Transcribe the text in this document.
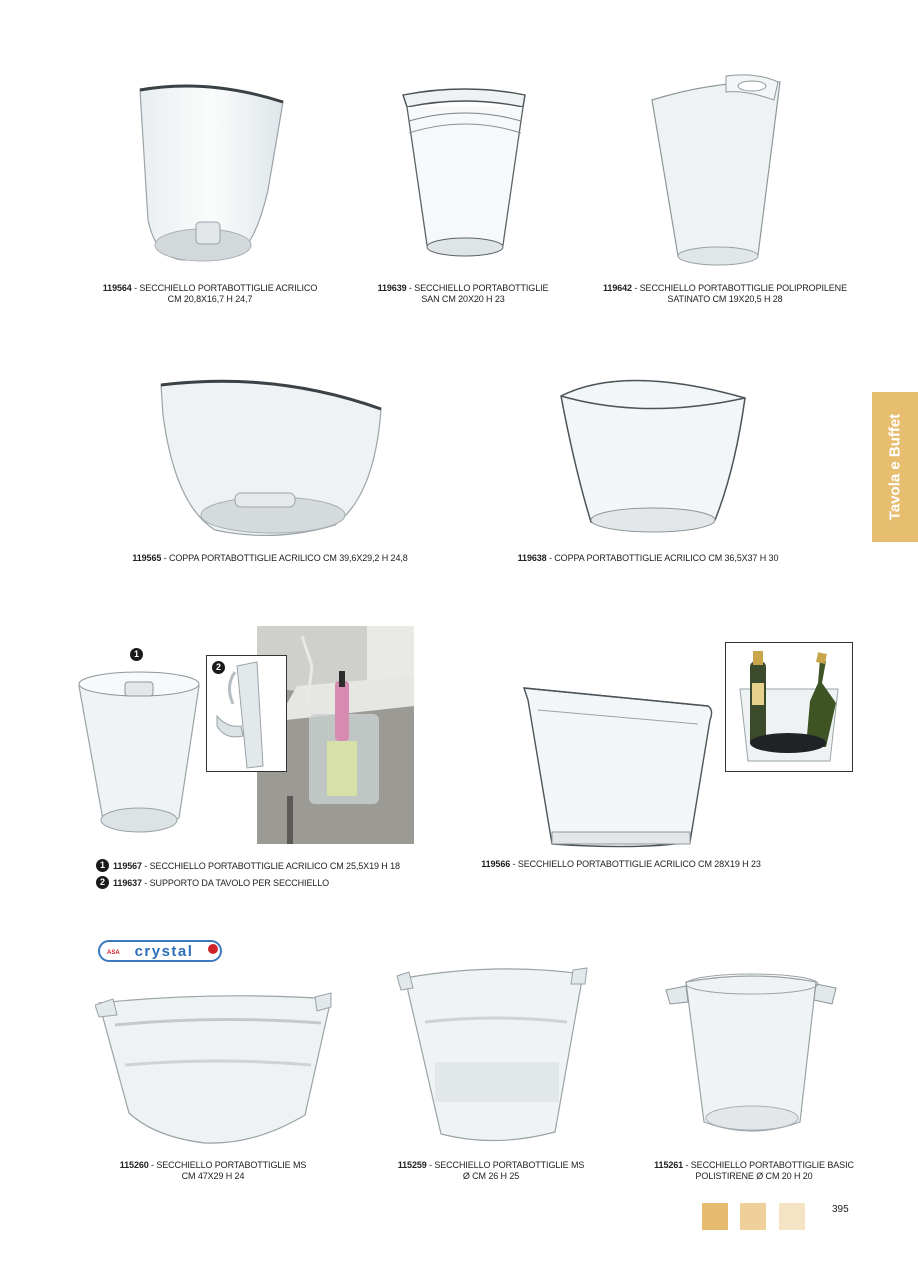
119564 - SECCHIELLO PORTABOTTIGLIE ACRILICO
CM 20,8X16,7 H 24,7
119639 - SECCHIELLO PORTABOTTIGLIE
SAN CM 20X20 H 23
119642 - SECCHIELLO PORTABOTTIGLIE POLIPROPILENE
SATINATO CM 19X20,5 H 28
119565 - COPPA PORTABOTTIGLIE ACRILICO CM 39,6X29,2 H 24,8	119638 - COPPA PORTABOTTIGLIE ACRILICO CM 36,5X37 H 30
Tavola e Buffet
1
2
1 119567 - SECCHIELLO PORTABOTTIGLIE ACRILICO CM 25,5X19 H 18
2 119637 - SUPPORTO DA TAVOLO PER SECCHIELLO
119566 - SECCHIELLO PORTABOTTIGLIE ACRILICO CM 28X19 H 23
crystal
ASA
115260 - SECCHIELLO PORTABOTTIGLIE MS
CM 47X29 H 24
115259 - SECCHIELLO PORTABOTTIGLIE MS
Ø CM 26 H 25
115261 - SECCHIELLO PORTABOTTIGLIE BASIC
POLISTIRENE Ø CM 20 H 20
395
